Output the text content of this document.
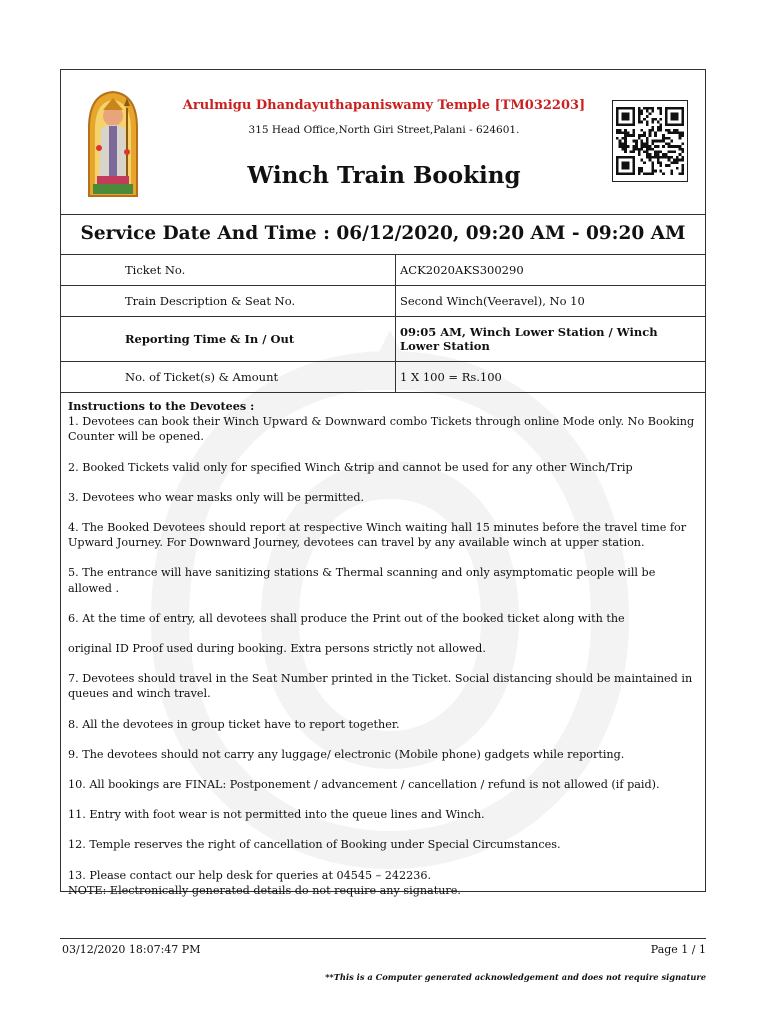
Arulmigu Dhandayuthapaniswamy Temple [TM032203]
315 Head Office,North Giri Street,Palani - 624601.
Winch Train Booking
Service Date And Time : 06/12/2020, 09:20 AM - 09:20 AM
Ticket No.	ACK2020AKS300290
Train Description & Seat No.	Second Winch(Veeravel), No 10
Reporting Time & In / Out	09:05 AM, Winch Lower Station / Winch Lower Station
No. of Ticket(s) & Amount	1 X 100 = Rs.100
Instructions to the Devotees :

1. Devotees can book their Winch Upward & Downward combo Tickets through online Mode only. No Booking Counter will be opened.

2. Booked Tickets valid only for specified Winch &trip and cannot be used for any other Winch/Trip

3. Devotees who wear masks only will be permitted.

4. The Booked Devotees should report at respective Winch waiting hall 15 minutes before the travel time for Upward Journey. For Downward Journey, devotees can travel by any available winch at upper station.

5. The entrance will have sanitizing stations & Thermal scanning and only asymptomatic people will be allowed .

6. At the time of entry, all devotees shall produce the Print out of the booked ticket along with the

original ID Proof used during booking. Extra persons strictly not allowed.

7. Devotees should travel in the Seat Number printed in the Ticket. Social distancing should be maintained in queues and winch travel.

8. All the devotees in group ticket have to report together.

9. The devotees should not carry any luggage/ electronic (Mobile phone) gadgets while reporting.

10. All bookings are FINAL: Postponement / advancement / cancellation / refund is not allowed (if paid).

11. Entry with foot wear is not permitted into the queue lines and Winch.

12. Temple reserves the right of cancellation of Booking under Special Circumstances.

13. Please contact our help desk for queries at 04545 – 242236.

NOTE: Electronically generated details do not require any signature.

03/12/2020 18:07:47 PM	Page 1 / 1
**This is a Computer generated acknowledgement and does not require signature
